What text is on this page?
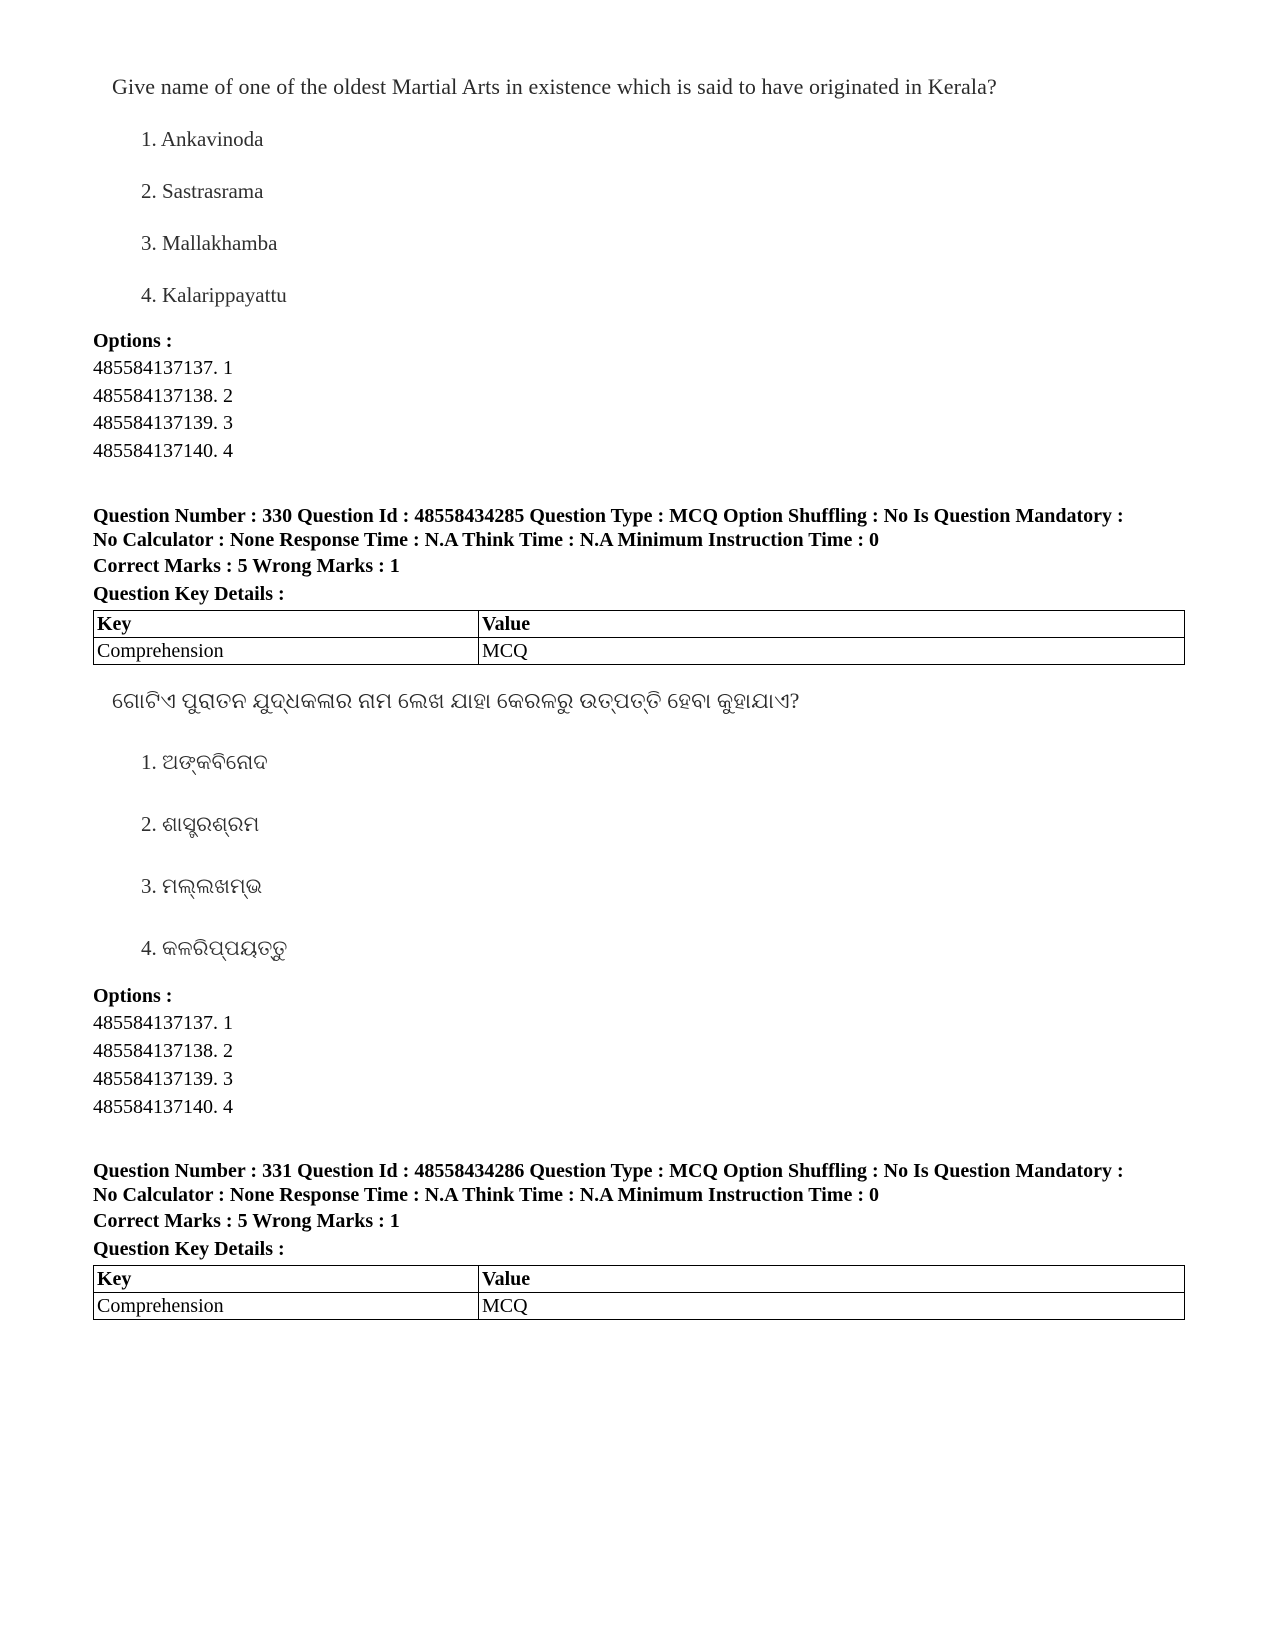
Give name of one of the oldest Martial Arts in existence which is said to have originated in Kerala?
1. Ankavinoda
2. Sastrasrama
3. Mallakhamba
4. Kalarippayattu
Options :
485584137137. 1
485584137138. 2
485584137139. 3
485584137140. 4
Question Number : 330 Question Id : 48558434285 Question Type : MCQ Option Shuffling : No Is Question Mandatory :
No Calculator : None Response Time : N.A Think Time : N.A Minimum Instruction Time : 0
Correct Marks : 5 Wrong Marks : 1
Question Key Details :
Key	Value
Comprehension	MCQ
ଗୋଟିଏ ପୁରାତନ ଯୁଦ୍ଧକଳାର ନାମ ଲେଖ ଯାହା କେରଳରୁ ଉତ୍ପତ୍ତି ହେବା କୁହାଯାଏ?
1. ଅଙ୍କବିନୋଦ
2. ଶାସ୍ତ୍ରଶ୍ରମ
3. ମଲ୍ଲଖମ୍ଭ
4. କଳରିପ୍ପୟତ୍ତୁ
Options :
485584137137. 1
485584137138. 2
485584137139. 3
485584137140. 4
Question Number : 331 Question Id : 48558434286 Question Type : MCQ Option Shuffling : No Is Question Mandatory :
No Calculator : None Response Time : N.A Think Time : N.A Minimum Instruction Time : 0
Correct Marks : 5 Wrong Marks : 1
Question Key Details :
Key	Value
Comprehension	MCQ
